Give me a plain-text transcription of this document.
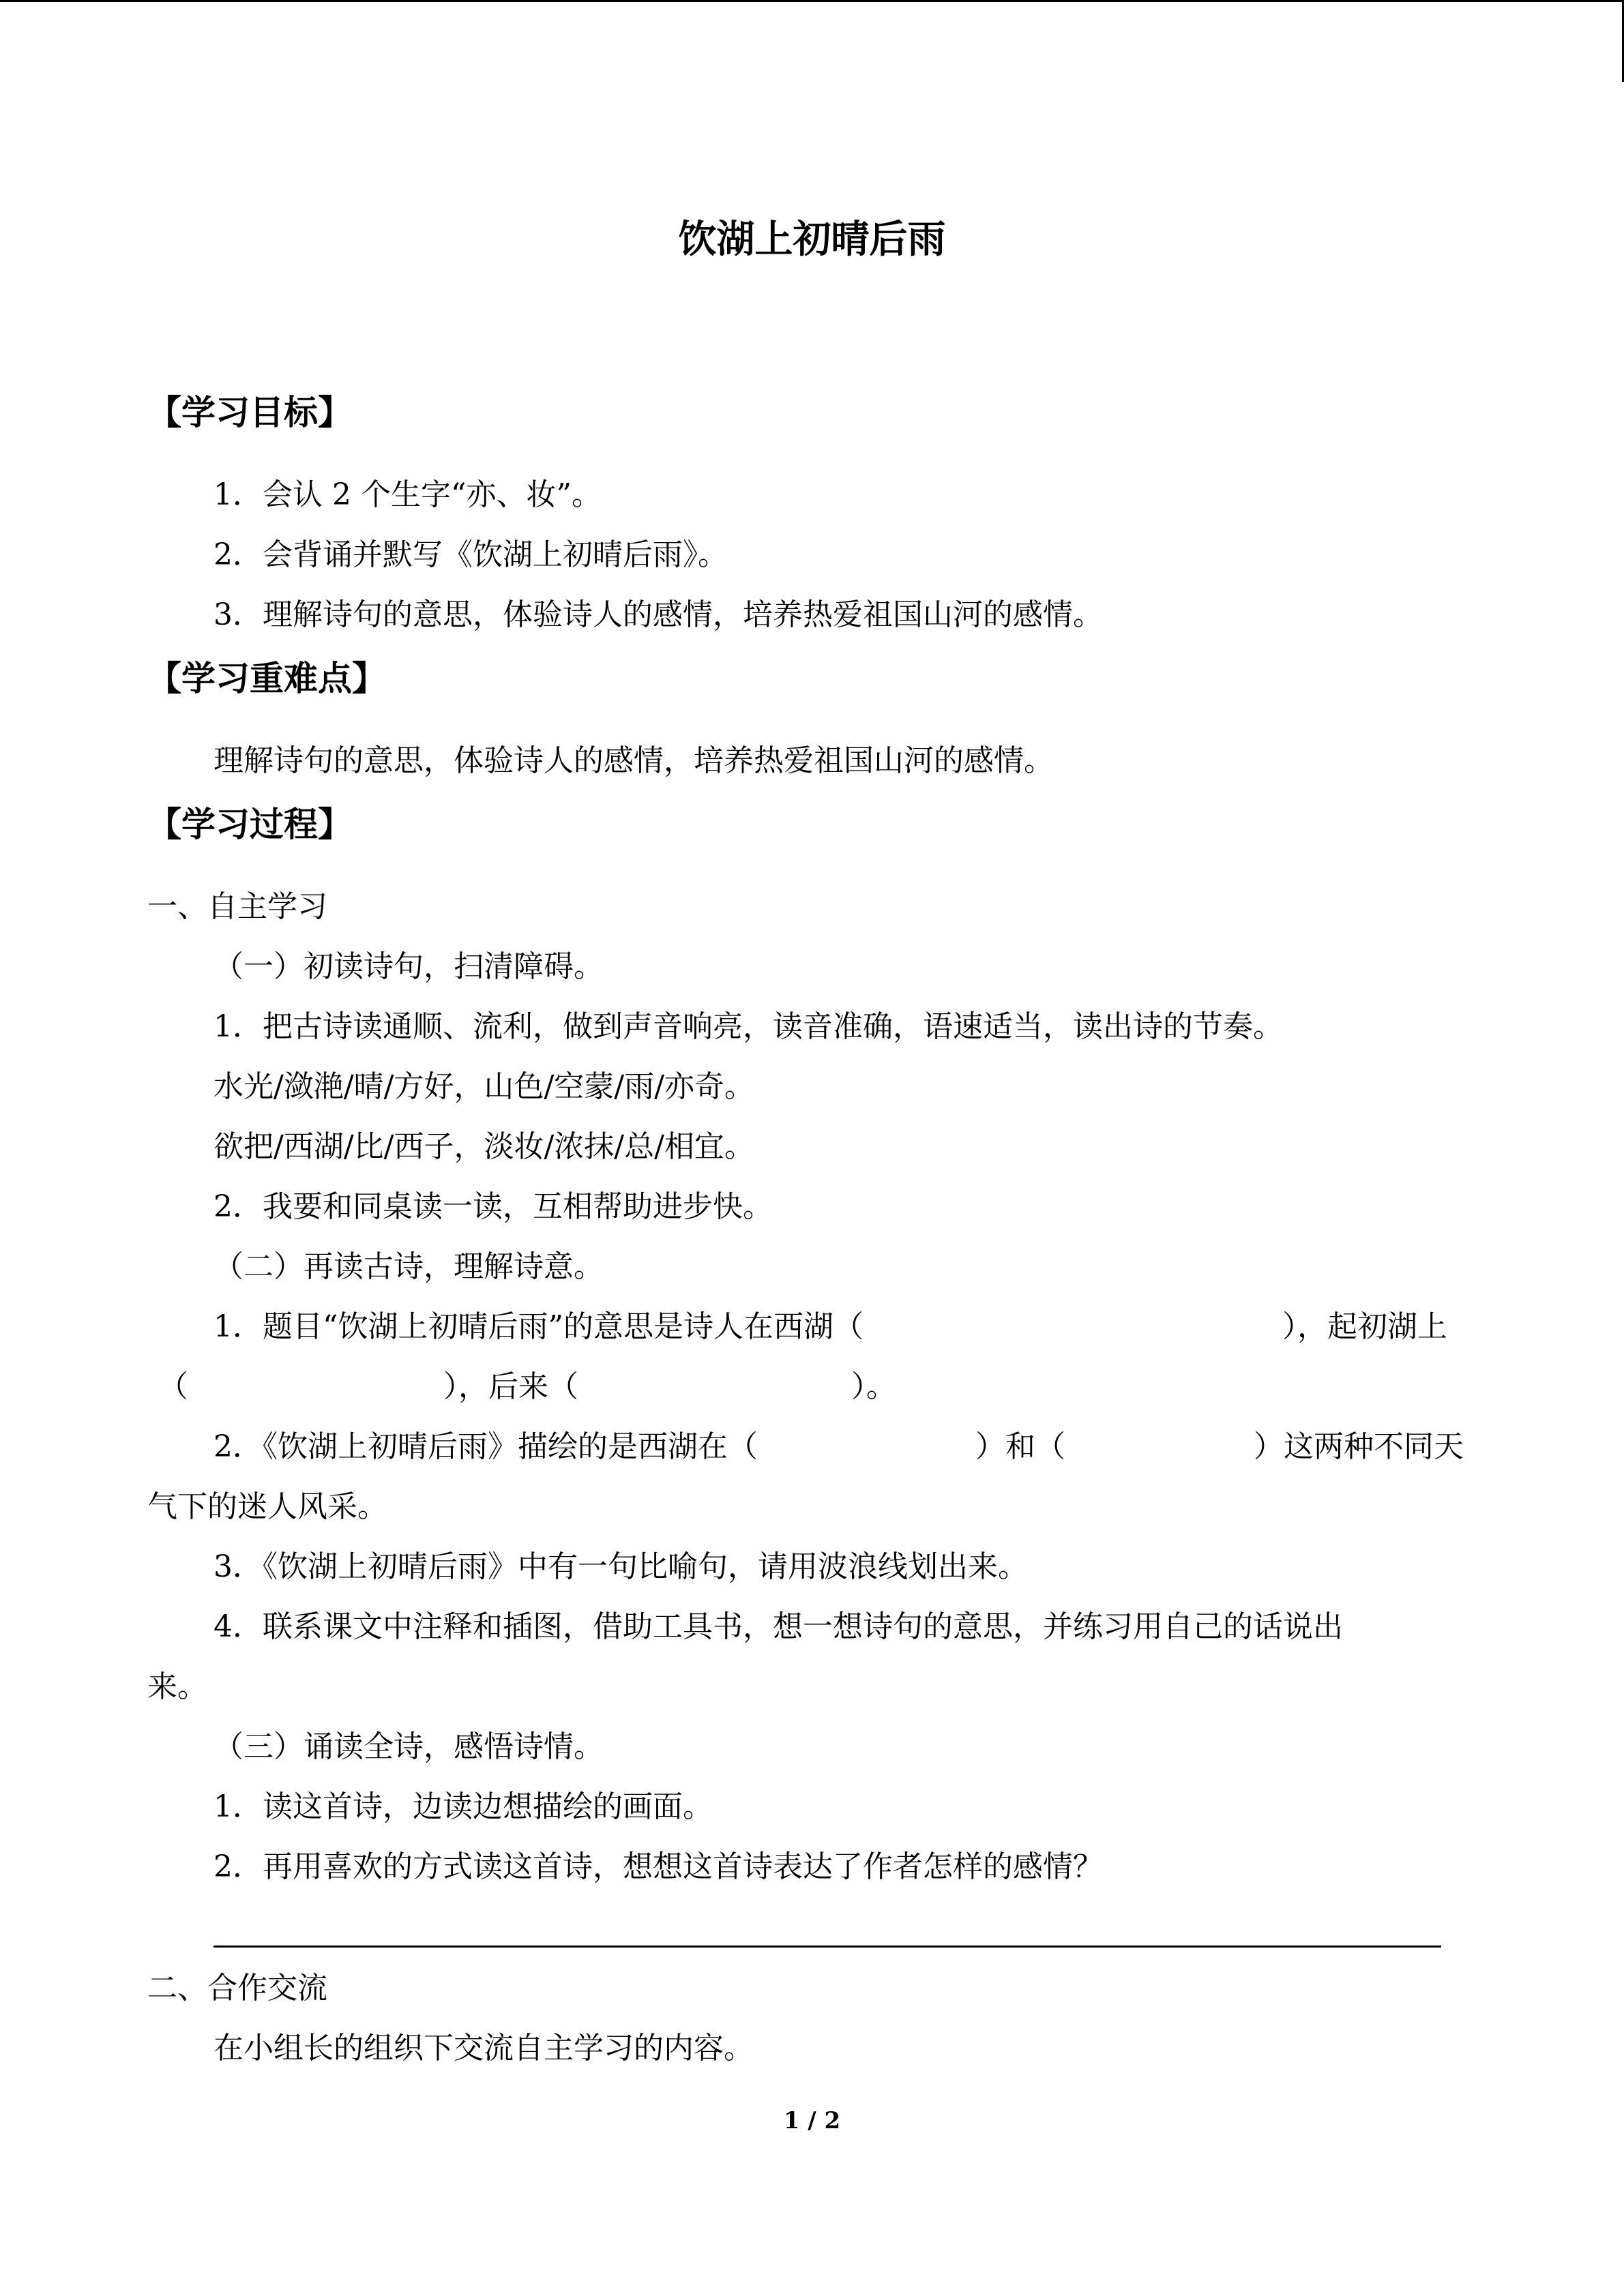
饮湖上初晴后雨
【学习目标】
1．会认 2 个生字“亦、妆”。
2．会背诵并默写《饮湖上初晴后雨》。
3．理解诗句的意思，体验诗人的感情，培养热爱祖国山河的感情。
【学习重难点】
理解诗句的意思，体验诗人的感情，培养热爱祖国山河的感情。
【学习过程】
一、自主学习
（一）初读诗句，扫清障碍。
1．把古诗读通顺、流利，做到声音响亮，读音准确，语速适当，读出诗的节奏。
水光/潋滟/晴/方好，山色/空蒙/雨/亦奇。
欲把/西湖/比/西子，淡妆/浓抹/总/相宜。
2．我要和同桌读一读，互相帮助进步快。
（二）再读古诗，理解诗意。
1．题目“饮湖上初晴后雨”的意思是诗人在西湖（	），起初湖上
（	），后来（	）。
2．《饮湖上初晴后雨》描绘的是西湖在（	）和（	）这两种不同天
气下的迷人风采。
3．《饮湖上初晴后雨》中有一句比喻句，请用波浪线划出来。
4．联系课文中注释和插图，借助工具书，想一想诗句的意思，并练习用自己的话说出
来。
（三）诵读全诗，感悟诗情。
1．读这首诗，边读边想描绘的画面。
2．再用喜欢的方式读这首诗，想想这首诗表达了作者怎样的感情？
二、合作交流
在小组长的组织下交流自主学习的内容。
1 / 2
